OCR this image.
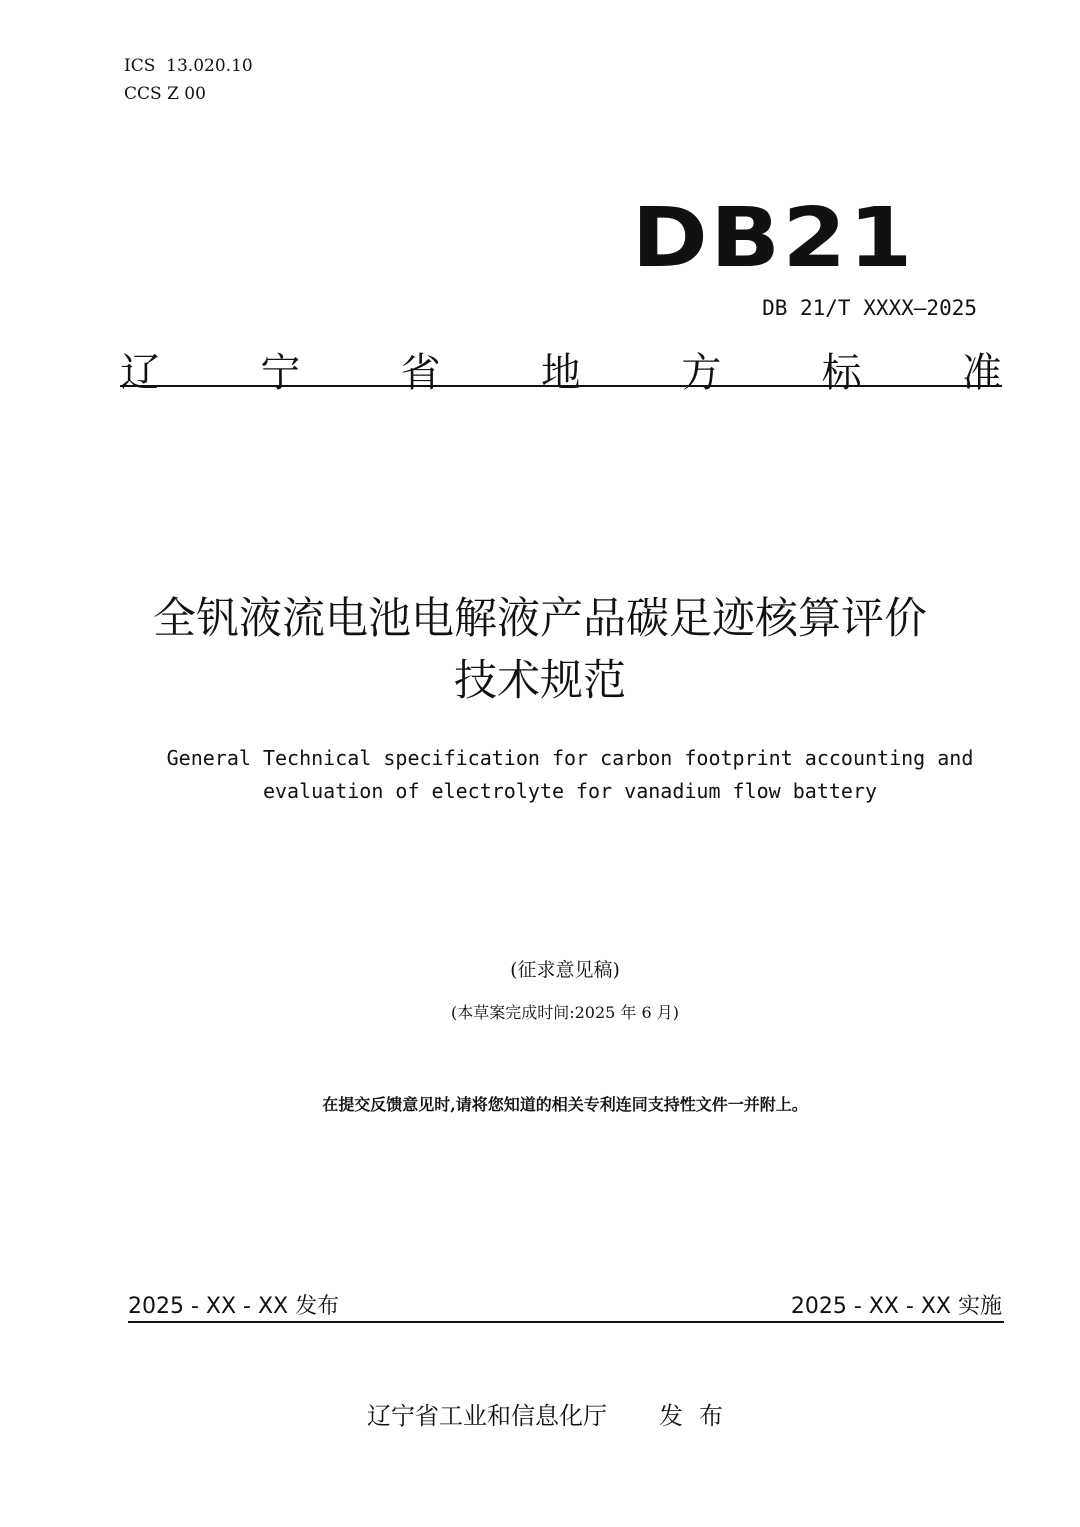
ICS  13.020.10
CCS Z 00
DB21
DB 21/T XXXX—2025
辽	宁	省	地	方	标	准
全钒液流电池电解液产品碳足迹核算评价
技术规范
General Technical specification for carbon footprint accounting and
evaluation of electrolyte for vanadium flow battery
(征求意见稿)
(本草案完成时间:2025 年 6 月)
在提交反馈意见时,请将您知道的相关专利连同支持性文件一并附上。
2025 - XX - XX 发布	2025 - XX - XX 实施
辽宁省工业和信息化厅 发布
